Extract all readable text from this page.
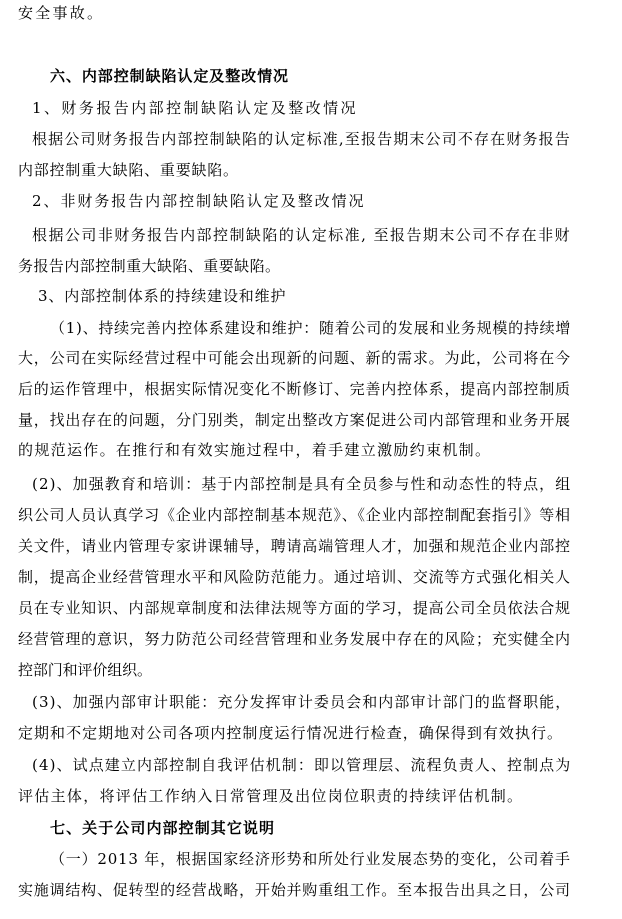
安全事故。
六、内部控制缺陷认定及整改情况
1、财务报告内部控制缺陷认定及整改情况
根据公司财务报告内部控制缺陷的认定标准,至报告期末公司不存在财务报告
内部控制重大缺陷、重要缺陷。
2、非财务报告内部控制缺陷认定及整改情况
根据公司非财务报告内部控制缺陷的认定标准, 至报告期末公司不存在非财
务报告内部控制重大缺陷、重要缺陷。
3、内部控制体系的持续建设和维护
（1)、持续完善内控体系建设和维护：随着公司的发展和业务规模的持续增
大，公司在实际经营过程中可能会出现新的问题、新的需求。为此，公司将在今
后的运作管理中，根据实际情况变化不断修订、完善内控体系，提高内部控制质
量，找出存在的问题，分门别类，制定出整改方案促进公司内部管理和业务开展
的规范运作。在推行和有效实施过程中，着手建立激励约束机制。
(2)、加强教育和培训：基于内部控制是具有全员参与性和动态性的特点，组
织公司人员认真学习《企业内部控制基本规范》、《企业内部控制配套指引》等相
关文件，请业内管理专家讲课辅导，聘请高端管理人才，加强和规范企业内部控
制，提高企业经营管理水平和风险防范能力。通过培训、交流等方式强化相关人
员在专业知识、内部规章制度和法律法规等方面的学习，提高公司全员依法合规
经营管理的意识，努力防范公司经营管理和业务发展中存在的风险；充实健全内
控部门和评价组织。
(3)、加强内部审计职能：充分发挥审计委员会和内部审计部门的监督职能，
定期和不定期地对公司各项内控制度运行情况进行检查，确保得到有效执行。
(4)、试点建立内部控制自我评估机制：即以管理层、流程负责人、控制点为
评估主体，将评估工作纳入日常管理及出位岗位职责的持续评估机制。
七、关于公司内部控制其它说明
（一）2013 年，根据国家经济形势和所处行业发展态势的变化，公司着手
实施调结构、促转型的经营战略，开始并购重组工作。至本报告出具之日，公司
